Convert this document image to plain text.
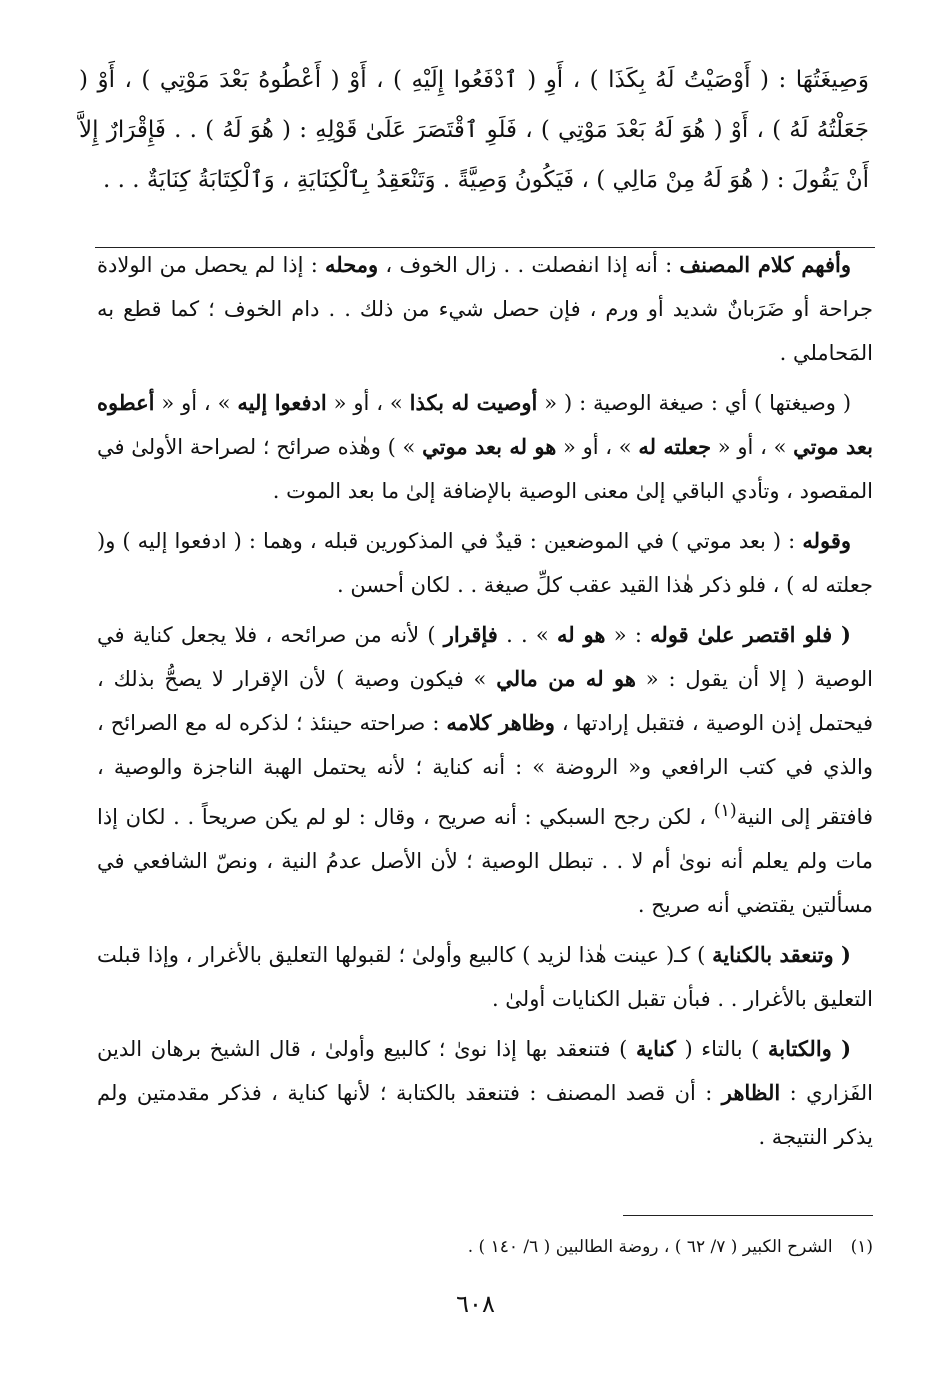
وَصِيغَتُهَا : ( أَوْصَيْتُ لَهُ بِكَذَا ) ، أَوِ ( ٱدْفَعُوا إِلَيْهِ ) ، أَوْ ( أَعْطُوهُ بَعْدَ مَوْتِي ) ، أَوْ ( جَعَلْتُهُ لَهُ ) ، أَوْ ( هُوَ لَهُ بَعْدَ مَوْتِي ) ، فَلَوِ ٱقْتَصَرَ عَلَىٰ قَوْلِهِ : ( هُوَ لَهُ ) . . فَإِقْرَارٌ إِلاَّ أَنْ يَقُولَ : ( هُوَ لَهُ مِنْ مَالِي ) ، فَيَكُونُ وَصِيَّةً . وَتَنْعَقِدُ بِٱلْكِنَايَةِ ، وَٱلْكِتَابَةُ كِنَايَةٌ . . .

وأفهم كلام المصنف : أنه إذا انفصلت . . زال الخوف ، ومحله : إذا لم يحصل من الولادة جراحة أو ضَرَبانٌ شديد أو ورم ، فإن حصل شيء من ذلك . . دام الخوف ؛ كما قطع به المَحاملي .

( وصيغتها ) أي : صيغة الوصية : ( « أوصيت له بكذا » ، أو « ادفعوا إليه » ، أو « أعطوه بعد موتي » ، أو « جعلته له » ، أو « هو له بعد موتي » ) وهٰذه صرائح ؛ لصراحة الأولىٰ في المقصود ، وتأدي الباقي إلىٰ معنى الوصية بالإضافة إلىٰ ما بعد الموت .

وقوله : ( بعد موتي ) في الموضعين : قيدٌ في المذكورين قبله ، وهما : ( ادفعوا إليه ) و( جعلته له ) ، فلو ذكر هٰذا القيد عقب كلِّ صيغة . . لكان أحسن .

( فلو اقتصر علىٰ قوله : « هو له » . . فإقرار ) لأنه من صرائحه ، فلا يجعل كناية في الوصية ( إلا أن يقول : « هو له من مالي » فيكون وصية ) لأن الإقرار لا يصحُّ بذلك ، فيحتمل إذن الوصية ، فتقبل إرادتها ، وظاهر كلامه : صراحته حينئذ ؛ لذكره له مع الصرائح ، والذي في كتب الرافعي و« الروضة » : أنه كناية ؛ لأنه يحتمل الهبة الناجزة والوصية ، فافتقر إلى النية$^{(١)}$ ، لكن رجح السبكي : أنه صريح ، وقال : لو لم يكن صريحاً . . لكان إذا مات ولم يعلم أنه نوىٰ أم لا . . تبطل الوصية ؛ لأن الأصل عدمُ النية ، ونصّ الشافعي في مسألتين يقتضي أنه صريح .

( وتنعقد بالكناية ) كـ( عينت هٰذا لزيد ) كالبيع وأولىٰ ؛ لقبولها التعليق بالأغرار ، وإذا قبلت التعليق بالأغرار . . فبأن تقبل الكنايات أولىٰ .

( والكتابة ) بالتاء ( كناية ) فتنعقد بها إذا نوىٰ ؛ كالبيع وأولىٰ ، قال الشيخ برهان الدين الفَزاري : الظاهر : أن قصد المصنف : فتنعقد بالكتابة ؛ لأنها كناية ، فذكر مقدمتين ولم يذكر النتيجة .

(١)الشرح الكبير ( ٧/ ٦٢ ) ، روضة الطالبين ( ٦/ ١٤٠ ) .
٦٠٨
